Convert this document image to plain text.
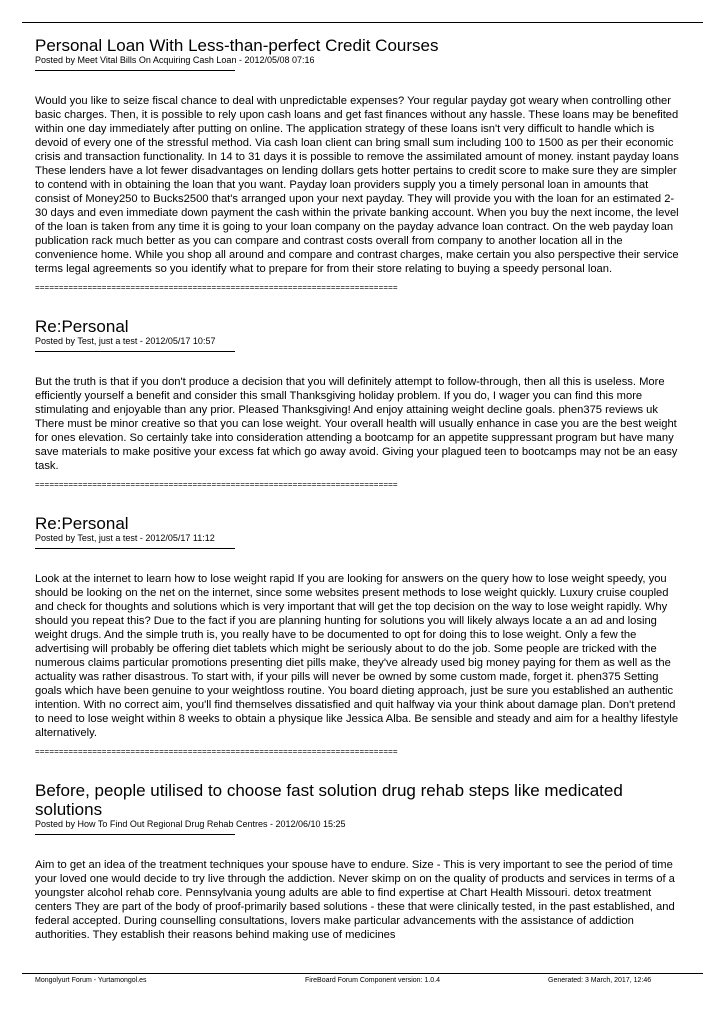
Personal Loan With Less-than-perfect Credit Courses

Posted by Meet Vital Bills On Acquiring Cash Loan - 2012/05/08 07:16

Would you like to seize fiscal chance to deal with unpredictable expenses? Your regular payday got weary when controlling other basic charges. Then, it is possible to rely upon cash loans and get fast finances without any hassle. These loans may be benefited within one day immediately after putting on online. The application strategy of these loans isn't very difficult to handle which is devoid of every one of the stressful method. Via cash loan client can bring small sum including 100 to 1500 as per their economic crisis and transaction functionality. In 14 to 31 days it is possible to remove the assimilated amount of money. instant payday loans These lenders have a lot fewer disadvantages on lending dollars gets hotter pertains to credit score to make sure they are simpler to contend with in obtaining the loan that you want. Payday loan providers supply you a timely personal loan in amounts that consist of Money250 to Bucks2500 that's arranged upon your next payday. They will provide you with the loan for an estimated 2-30 days and even immediate down payment the cash within the private banking account. When you buy the next income, the level of the loan is taken from any time it is going to your loan company on the payday advance loan contract. On the web payday loan publication rack much better as you can compare and contrast costs overall from company to another location all in the convenience home. While you shop all around and compare and contrast charges, make certain you also perspective their service terms legal agreements so you identify what to prepare for from their store relating to buying a speedy personal loan.

============================================================================

Re:Personal

Posted by Test, just a test - 2012/05/17 10:57

But the truth is that if you don't produce a decision that you will definitely attempt to follow-through, then all this is useless. More efficiently yourself a benefit and consider this small Thanksgiving holiday problem. If you do, I wager you can find this more stimulating and enjoyable than any prior. Pleased Thanksgiving! And enjoy attaining weight decline goals. phen375 reviews uk There must be minor creative so that you can lose weight. Your overall health will usually enhance in case you are the best weight for ones elevation. So certainly take into consideration attending a bootcamp for an appetite suppressant program but have many save materials to make positive your excess fat which go away avoid. Giving your plagued teen to bootcamps may not be an easy task.

============================================================================

Re:Personal

Posted by Test, just a test - 2012/05/17 11:12

Look at the internet to learn how to lose weight rapid If you are looking for answers on the query how to lose weight speedy, you should be looking on the net on the internet, since some websites present methods to lose weight quickly. Luxury cruise coupled and check for thoughts and solutions which is very important that will get the top decision on the way to lose weight rapidly. Why should you repeat this? Due to the fact if you are planning hunting for solutions you will likely always locate a an ad and losing weight drugs. And the simple truth is, you really have to be documented to opt for doing this to lose weight. Only a few the advertising will probably be offering diet tablets which might be seriously about to do the job. Some people are tricked with the numerous claims particular promotions presenting diet pills make, they've already used big money paying for them as well as the actuality was rather disastrous. To start with, if your pills will never be owned by some custom made, forget it. phen375 Setting goals which have been genuine to your weightloss routine. You board dieting approach, just be sure you established an authentic intention. With no correct aim, you'll find themselves dissatisfied and quit halfway via your think about damage plan. Don't pretend to need to lose weight within 8 weeks to obtain a physique like Jessica Alba. Be sensible and steady and aim for a healthy lifestyle alternatively.

============================================================================

Before, people utilised to choose fast solution drug rehab steps like medicated solutions

Posted by How To Find Out Regional Drug Rehab Centres - 2012/06/10 15:25

Aim to get an idea of the treatment techniques your spouse have to endure. Size - This is very important to see the period of time your loved one would decide to try live through the addiction. Never skimp on on the quality of products and services in terms of a youngster alcohol rehab core. Pennsylvania young adults are able to find expertise at Chart Health Missouri. detox treatment centers They are part of the body of proof-primarily based solutions - these that were clinically tested, in the past established, and federal accepted. During counselling consultations, lovers make particular advancements with the assistance of addiction authorities. They establish their reasons behind making use of medicines

Mongolyurt Forum - Yurtamongol.es	FireBoard Forum Component version: 1.0.4	Generated: 3 March, 2017, 12:46
